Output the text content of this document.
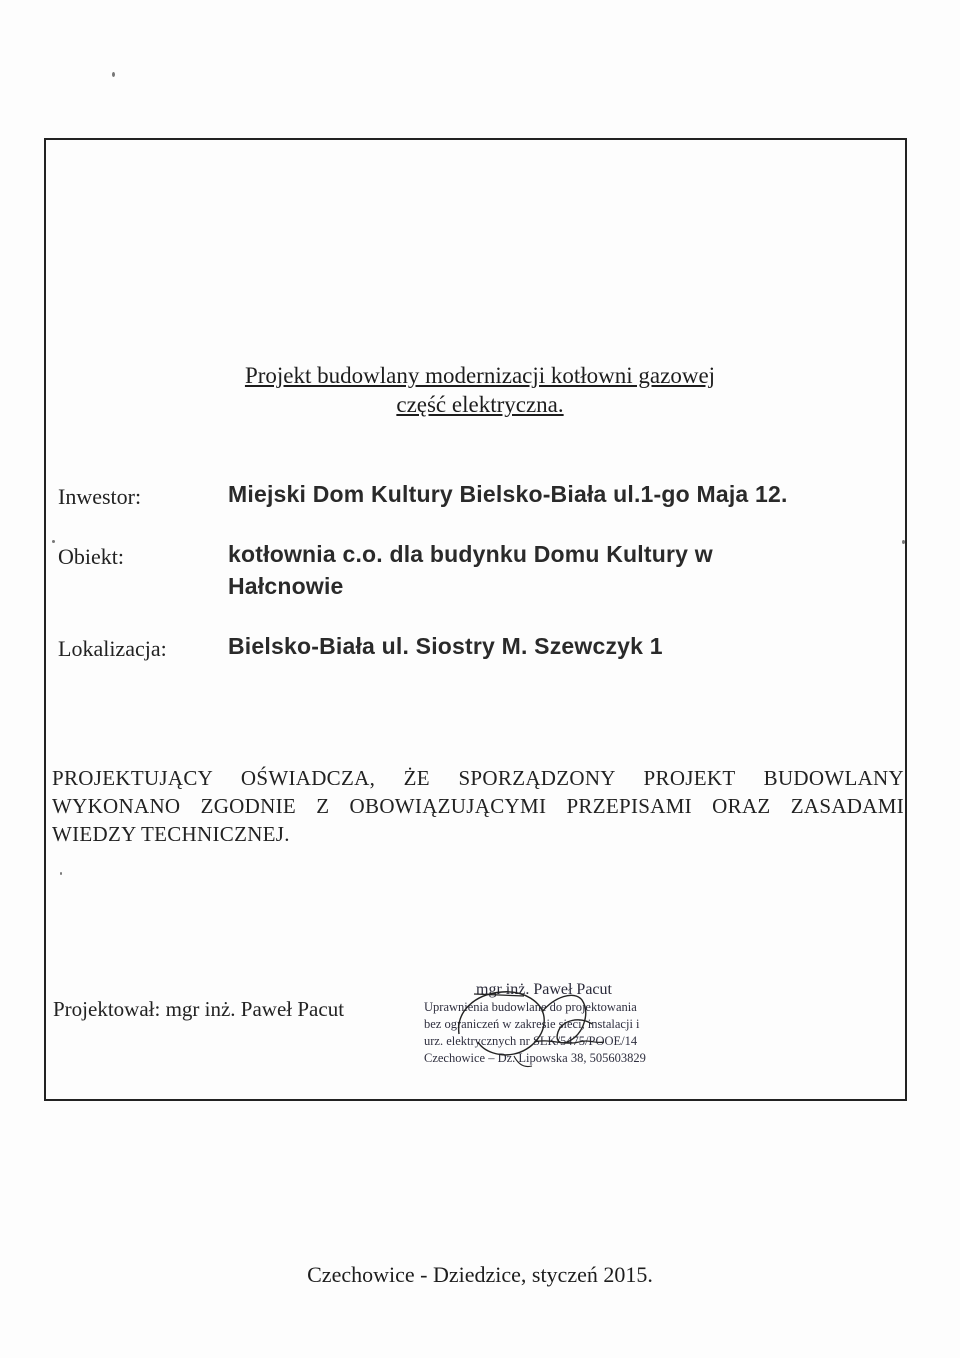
Projekt budowlany modernizacji kotłowni gazowej
część elektryczna.
Inwestor:	Miejski Dom Kultury Bielsko-Biała ul.1-go Maja 12.
Obiekt:	kotłownia c.o. dla budynku Domu Kultury w
Hałcnowie
Lokalizacja:	Bielsko-Biała ul. Siostry M. Szewczyk 1
PROJEKTUJĄCY OŚWIADCZA, ŻE SPORZĄDZONY PROJEKT BUDOWLANY WYKONANO ZGODNIE Z OBOWIĄZUJĄCYMI PRZEPISAMI ORAZ ZASADAMI WIEDZY TECHNICZNEJ.
Projektował: mgr inż. Paweł Pacut
mgr inż. Paweł Pacut
Uprawnienia budowlane do projektowania
bez ograniczeń w zakresie sieci, instalacji i
urz. elektrycznych nr SLK/5475/POOE/14
Czechowice – Dz. Lipowska 38, 505603829
Czechowice - Dziedzice, styczeń 2015.
